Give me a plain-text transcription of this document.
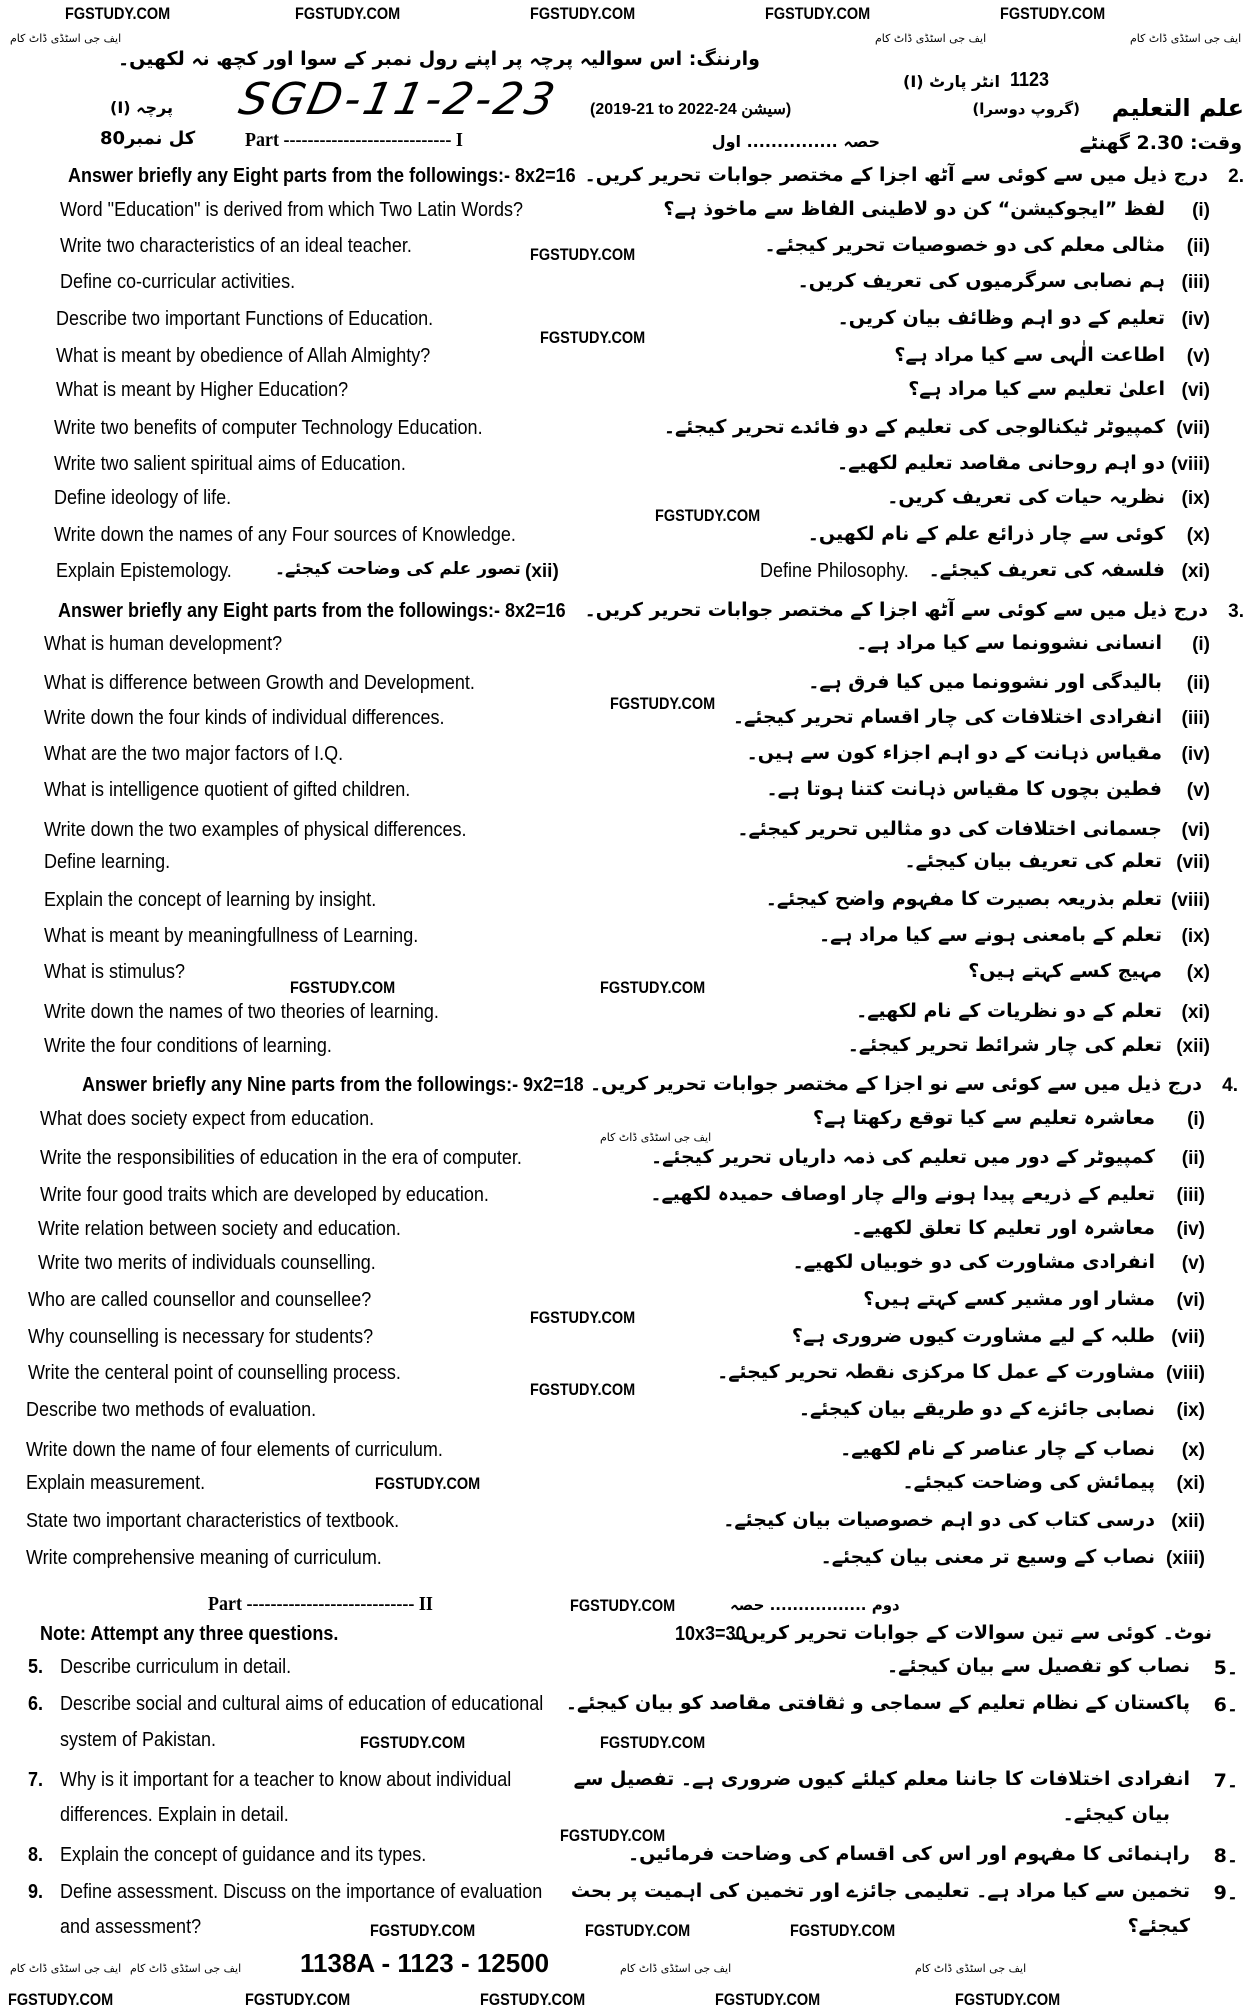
FGSTUDY.COM	FGSTUDY.COM	FGSTUDY.COM	FGSTUDY.COM	FGSTUDY.COM
ایف جی اسٹڈی ڈاٹ کام	ایف جی اسٹڈی ڈاٹ کام	ایف جی اسٹڈی ڈاٹ کام
وارننگ: اس سوالیہ پرچہ پر اپنے رول نمبر کے سوا اور کچھ نہ لکھیں۔
انٹر پارٹ (I) 1123
SGD-11-2-23
پرچہ (I)	(2019-21 to 2022-24 سیشن)	(گروپ دوسرا) علم التعلیم
کل نمبر80 Part ---------------------------- I	حصہ ............... اول	وقت: 2.30 گھنٹے
Answer briefly any Eight parts from the followings:- 8x2=16 درج ذیل میں سے کوئی سے آٹھ اجزا کے مختصر جوابات تحریر کریں۔ 2.
Word "Education" is derived from which Two Latin Words?	لفظ ”ایجوکیشن“ کن دو لاطینی الفاظ سے ماخوذ ہے؟ (i)
Write two characteristics of an ideal teacher.	مثالی معلم کی دو خصوصیات تحریر کیجئے۔ (ii)
Define co-curricular activities.	ہم نصابی سرگرمیوں کی تعریف کریں۔ (iii)
Describe two important Functions of Education.	تعلیم کے دو اہم وظائف بیان کریں۔ (iv)
What is meant by obedience of Allah Almighty?	اطاعت الٰہی سے کیا مراد ہے؟ (v)
What is meant by Higher Education?	اعلیٰ تعلیم سے کیا مراد ہے؟ (vi)
Write two benefits of computer Technology Education.	کمپیوٹر ٹیکنالوجی کی تعلیم کے دو فائدے تحریر کیجئے۔ (vii)
Write two salient spiritual aims of Education.	دو اہم روحانی مقاصد تعلیم لکھیے۔ (viii)
Define ideology of life.	نظریہ حیات کی تعریف کریں۔ (ix)
Write down the names of any Four sources of Knowledge.	کوئی سے چار ذرائع علم کے نام لکھیں۔ (x)
Define Philosophy. فلسفہ کی تعریف کیجئے۔ (xi)
Explain Epistemology.	تصور علم کی وضاحت کیجئے۔ (xii)
Answer briefly any Eight parts from the followings:- 8x2=16 درج ذیل میں سے کوئی سے آٹھ اجزا کے مختصر جوابات تحریر کریں۔ 3.
What is human development?	انسانی نشوونما سے کیا مراد ہے۔ (i)
What is difference between Growth and Development.	بالیدگی اور نشوونما میں کیا فرق ہے۔ (ii)
Write down the four kinds of individual differences.	انفرادی اختلافات کی چار اقسام تحریر کیجئے۔ (iii)
What are the two major factors of I.Q.	مقیاس ذہانت کے دو اہم اجزاء کون سے ہیں۔ (iv)
What is intelligence quotient of gifted children.	فطین بچوں کا مقیاس ذہانت کتنا ہوتا ہے۔ (v)
Write down the two examples of physical differences.	جسمانی اختلافات کی دو مثالیں تحریر کیجئے۔ (vi)
Define learning.	تعلم کی تعریف بیان کیجئے۔ (vii)
Explain the concept of learning by insight.	تعلم بذریعہ بصیرت کا مفہوم واضح کیجئے۔ (viii)
What is meant by meaningfullness of Learning.	تعلم کے بامعنی ہونے سے کیا مراد ہے۔ (ix)
What is stimulus?	مہیج کسے کہتے ہیں؟ (x)
Write down the names of two theories of learning.	تعلم کے دو نظریات کے نام لکھیے۔ (xi)
Write the four conditions of learning.	تعلم کی چار شرائط تحریر کیجئے۔ (xii)
Answer briefly any Nine parts from the followings:- 9x2=18 درج ذیل میں سے کوئی سے نو اجزا کے مختصر جوابات تحریر کریں۔ 4.
What does society expect from education.	معاشرہ تعلیم سے کیا توقع رکھتا ہے؟ (i)
Write the responsibilities of education in the era of computer.	کمپیوٹر کے دور میں تعلیم کی ذمہ داریاں تحریر کیجئے۔ (ii)
Write four good traits which are developed by education.	تعلیم کے ذریعے پیدا ہونے والے چار اوصاف حمیدہ لکھیے۔ (iii)
Write relation between society and education.	معاشرہ اور تعلیم کا تعلق لکھیے۔ (iv)
Write two merits of individuals counselling.	انفرادی مشاورت کی دو خوبیاں لکھیے۔ (v)
Who are called counsellor and counsellee?	مشار اور مشیر کسے کہتے ہیں؟ (vi)
Why counselling is necessary for students?	طلبہ کے لیے مشاورت کیوں ضروری ہے؟ (vii)
Write the centeral point of counselling process.	مشاورت کے عمل کا مرکزی نقطہ تحریر کیجئے۔ (viii)
Describe two methods of evaluation.	نصابی جائزے کے دو طریقے بیان کیجئے۔ (ix)
Write down the name of four elements of curriculum.	نصاب کے چار عناصر کے نام لکھیے۔ (x)
Explain measurement.	پیمائش کی وضاحت کیجئے۔ (xi)
State two important characteristics of textbook.	درسی کتاب کی دو اہم خصوصیات بیان کیجئے۔ (xii)
Write comprehensive meaning of curriculum.	نصاب کے وسیع تر معنی بیان کیجئے۔ (xiii)
Part ---------------------------- II	دوم ................. حصہ
Note: Attempt any three questions.	10x3=30
نوٹ۔ کوئی سے تین سوالات کے جوابات تحریر کریں۔
5. Describe curriculum in detail.	نصاب کو تفصیل سے بیان کیجئے۔ 5۔
6. Describe social and cultural aims of education of educational
system of Pakistan.
پاکستان کے نظام تعلیم کے سماجی و ثقافتی مقاصد کو بیان کیجئے۔ 6۔
7. Why is it important for a teacher to know about individual
differences. Explain in detail.
انفرادی اختلافات کا جاننا معلم کیلئے کیوں ضروری ہے۔ تفصیل سے
بیان کیجئے۔
7۔
8. Explain the concept of guidance and its types.	راہنمائی کا مفہوم اور اس کی اقسام کی وضاحت فرمائیں۔ 8۔
9. Define assessment. Discuss on the importance of evaluation
and assessment?
تخمین سے کیا مراد ہے۔ تعلیمی جائزے اور تخمین کی اہمیت پر بحث
کیجئے؟
9۔
FGSTUDY.COM
FGSTUDY.COM
FGSTUDY.COM
FGSTUDY.COM
FGSTUDY.COM	FGSTUDY.COM
FGSTUDY.COM
FGSTUDY.COM
FGSTUDY.COM
FGSTUDY.COM
FGSTUDY.COM	FGSTUDY.COM
FGSTUDY.COM
FGSTUDY.COM	FGSTUDY.COM	FGSTUDY.COM
ایف جی اسٹڈی ڈاٹ کام
ایف جی اسٹڈی ڈاٹ کام ایف جی اسٹڈی ڈاٹ کام 1138A - 1123 - 12500	ایف جی اسٹڈی ڈاٹ کام	ایف جی اسٹڈی ڈاٹ کام
FGSTUDY.COM	FGSTUDY.COM	FGSTUDY.COM	FGSTUDY.COM	FGSTUDY.COM
